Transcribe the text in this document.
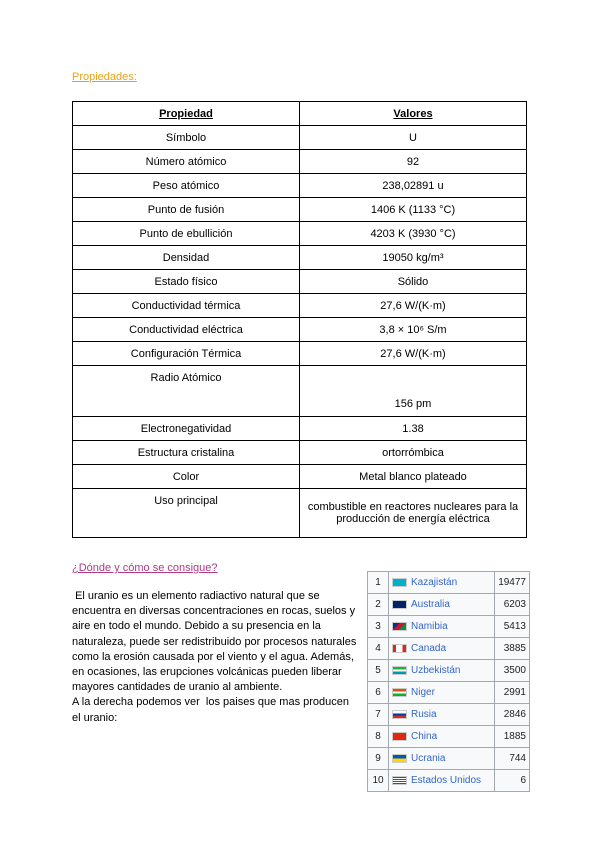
Propiedades:
Propiedad	Valores
Símbolo	U
Número atómico	92
Peso atómico	238,02891 u
Punto de fusión	1406 K (1133 °C)
Punto de ebullición	4203 K (3930 °C)
Densidad	19050 kg/m³
Estado físico	Sólido
Conductividad térmica	27,6 W/(K·m)
Conductividad eléctrica	3,8 × 10⁶ S/m
Configuración Térmica	27,6 W/(K·m)
Radio Atómico	156 pm
Electronegatividad	1.38
Estructura cristalina	ortorrómbica
Color	Metal blanco plateado
Uso principal	combustible en reactores nucleares para la producción de energía eléctrica
¿Dónde y cómo se consigue?

El uranio es un elemento radiactivo natural que se encuentra en diversas concentraciones en rocas, suelos y aire en todo el mundo. Debido a su presencia en la naturaleza, puede ser redistribuido por procesos naturales como la erosión causada por el viento y el agua. Además, en ocasiones, las erupciones volcánicas pueden liberar mayores cantidades de uranio al ambiente.

A la derecha podemos ver  los paises que mas producen el uranio:

1	Kazajistán	19477
2	Australia	6203
3	Namibia	5413
4	Canada	3885
5	Uzbekistán	3500
6	Niger	2991
7	Rusia	2846
8	China	1885
9	Ucrania	744
10	Estados Unidos	6
